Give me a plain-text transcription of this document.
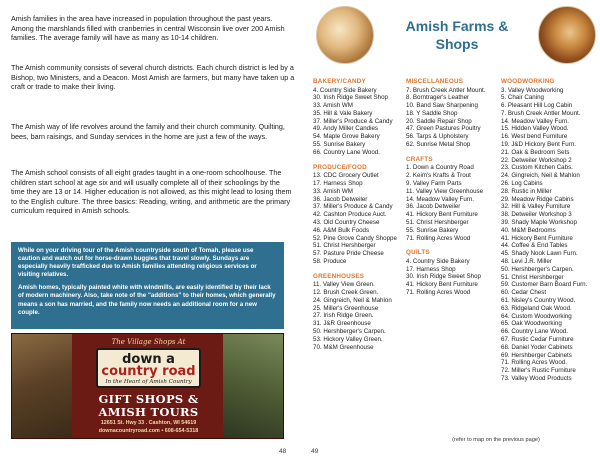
Amish families in the area have increased in population throughout the past years. Among the marshlands filled with cranberries in central Wisconsin live over 200 Amish families. The average family will have as many as 10-14 children.

The Amish community consists of several church districts. Each church district is led by a Bishop, two Ministers, and a Deacon. Most Amish are farmers, but many have taken up a craft or trade to make their living.

The Amish way of life revolves around the family and their church community. Quilting, bees, barn raisings, and Sunday services in the home are just a few of the ways.

The Amish school consists of all eight grades taught in a one-room schoolhouse. The children start school at age six and will usually complete all of their schoolings by the time they are 13 or 14. Higher education is not allowed, as this might lead to losing them to the English culture. The three basics: Reading, writing, and arithmetic are the primary curriculum required in Amish schools.

While on your driving tour of the Amish countryside south of Tomah, please use caution and watch out for horse-drawn buggies that travel slowly. Sundays are especially heavily trafficked due to Amish families attending religious services or visiting relatives.

Amish homes, typically painted white with windmills, are easily identified by their lack of modern machinery. Also, take note of the "additions" to their homes, which generally means a son has married, and the family now needs an additional room for a new couple.

The Village Shops At
down a
country road
In the Heart of Amish Country
GIFT SHOPS &
AMISH TOURS
12651 St. Hwy 33 . Cashton, WI 54619
downacountryroad.com • 608-654-5318
48
Amish Farms &
Shops
BAKERY/CANDY
4. Country Side Bakery
30. Irish Ridge Sweet Shop
33. Amish WM
35. Hill & Vale Bakery
37. Miller's Produce & Candy
49. Andy Miller Candies
54. Maple Grove Bakery
55. Sunrise Bakery
66. Country Lane Wood.
PRODUCE/FOOD
13. CDC Grocery Outlet
17. Harness Shop
33. Amish WM
36. Jacob Detweiler
37. Miller's Produce & Candy
42. Cashton Produce Auct.
43. Old Country Cheese
46. A&M Bulk Foods
52. Pine Grove Candy Shoppe
51. Christ Hershberger
57. Pasture Pride Cheese
58. Produce
GREENHOUSES
11. Valley View Green.
12. Brush Creek Green.
24. Gingreich, Neil & Mahlon
25. Miller's Greenhouse
27. Irish Ridge Green.
31. J&R Greenhouse
50. Hershberger's Carpen.
53. Hickory Valley Green.
70. M&M Greenhouse
MISCELLANEOUS
7. Brush Creek Antler Mount.
8. Borntrager's Leather
10. Band Saw Sharpening
18. Y Saddle Shop
20. Saddle Repair Shop
47. Green Pastures Poultry
56. Tarps & Upholstery
62. Sunrise Metal Shop
CRAFTS
1. Down a Country Road
2. Keim's Krafts & Trout
9. Valley Farm Parts
11. Valley View Greenhouse
14. Meadow Valley Furn.
36. Jacob Detweiler
41. Hickory Bent Furniture
51. Christ Hershberger
55. Sunrise Bakery
71. Rolling Acres Wood
QUILTS
4. Country Side Bakery
17. Harness Shop
30. Irish Ridge Sweet Shop
41. Hickory Bent Furniture
71. Rolling Acres Wood
WOODWORKING
3. Valley Woodworking
5. Chair Caning
6. Pleasant Hill Log Cabin
7. Brush Creek Antler Mount.
14. Meadow Valley Furn.
15. Hidden Valley Wood.
16. West bend Furniture
19. J&D Hickory Bent Furn.
21. Oak & Bedroom Sets
22. Detweiler Workshop 2
23. Custom Kitchen Cabs.
24. Gingreich, Neil & Mahlon
26. Log Cabins
28. Rustic in Miller
29. Meadow Ridge Cabins
32. Hill & Valley Furniture
38. Detweiler Workshop 3
39. Shady Maple Workshop
40. M&M Bedrooms
41. Hickory Bent Furniture
44. Coffee & End Tables
45. Shady Nook Lawn Furn.
48. Levi J.R. Miller
50. Hershberger's Carpen.
51. Christ Hershberger
59. Customer Barn Board Furn.
60. Cedar Chest
61. Nisley's Country Wood.
63. Ridgeland Oak Wood.
64. Custom Woodworking
65. Oak Woodworking
66. Country Lane Wood.
67. Rustic Cedar Furniture
68. Daniel Yoder Cabinets
69. Hershberger Cabinets
71. Rolling Acres Wood.
72. Miller's Rustic Furniture
73. Valley Wood Products
(refer to map on the previous page)
49
